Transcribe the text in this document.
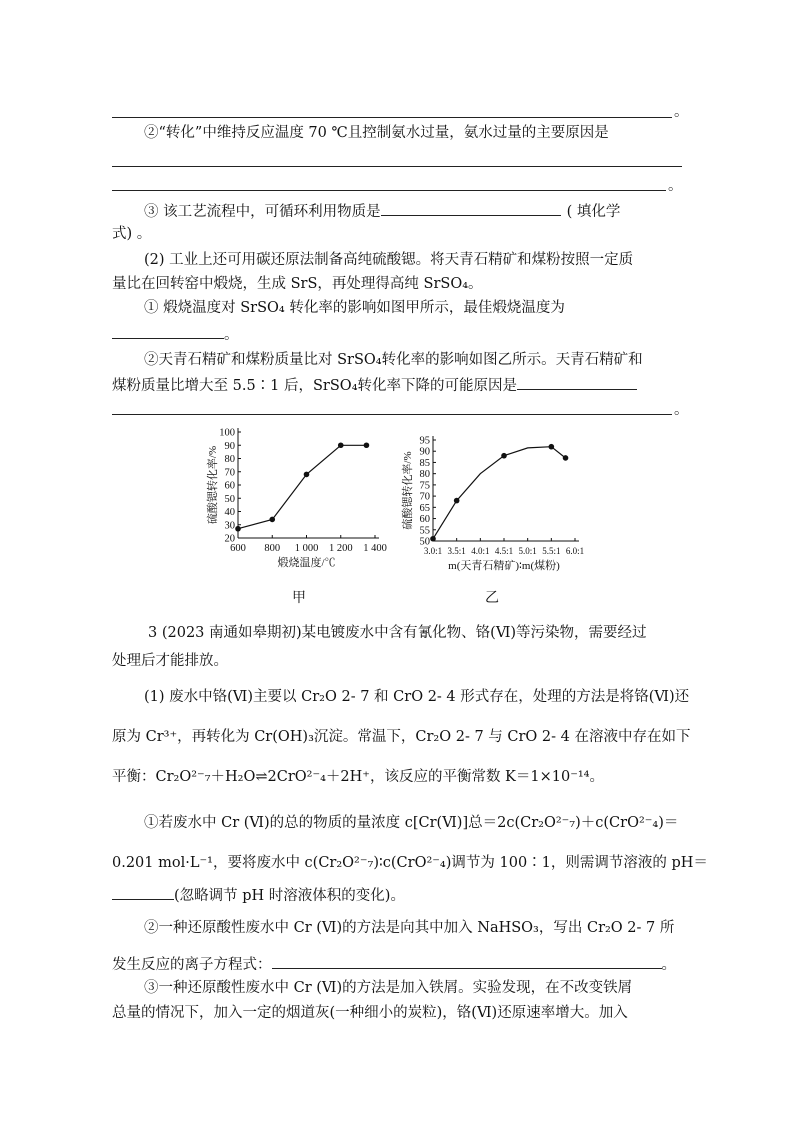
。
②“转化”中维持反应温度 70 ℃且控制氨水过量，氨水过量的主要原因是
。
③ 该工艺流程中，可循环利用物质是	( 填化学
式) 。
(2) 工业上还可用碳还原法制备高纯硫酸锶。将天青石精矿和煤粉按照一定质
量比在回转窑中煅烧，生成 SrS，再处理得高纯 SrSO₄。
① 煅烧温度对 SrSO₄ 转化率的影响如图甲所示，最佳煅烧温度为
。
②天青石精矿和煤粉质量比对 SrSO₄转化率的影响如图乙所示。天青石精矿和
煤粉质量比增大至 5.5∶1 后，SrSO₄转化率下降的可能原因是
。
20
30
40
50
60
70
80
90
100
600 800 1 000 1 200 1 400
煅烧温度/℃
硫酸锶转化率/%
50
55
60
65
70
75
80
85
90
95
3.0:1 3.5:1 4.0:1 4.5:1 5.0:1 5.5:1 6.0:1
m(天青石精矿)∶m(煤粉)
硫酸锶转化率/%
甲	乙
3 (2023 南通如皋期初)某电镀废水中含有氰化物、铬(Ⅵ)等污染物，需要经过
处理后才能排放。
(1) 废水中铬(Ⅵ)主要以 Cr₂O 2- 7 和 CrO 2- 4 形式存在，处理的方法是将铬(Ⅵ)还
原为 Cr³⁺，再转化为 Cr(OH)₃沉淀。常温下，Cr₂O 2- 7 与 CrO 2- 4 在溶液中存在如下
平衡：Cr₂O²⁻₇＋H₂O⇌2CrO²⁻₄＋2H⁺，该反应的平衡常数 K＝1×10⁻¹⁴。
①若废水中 Cr (Ⅵ)的总的物质的量浓度 c[Cr(Ⅵ)]总＝2c(Cr₂O²⁻₇)＋c(CrO²⁻₄)＝
0.201 mol·L⁻¹，要将废水中 c(Cr₂O²⁻₇)∶c(CrO²⁻₄)调节为 100∶1，则需调节溶液的 pH＝
(忽略调节 pH 时溶液体积的变化)。
②一种还原酸性废水中 Cr (Ⅵ)的方法是向其中加入 NaHSO₃，写出 Cr₂O 2- 7 所
发生反应的离子方程式：	。
③一种还原酸性废水中 Cr (Ⅵ)的方法是加入铁屑。实验发现，在不改变铁屑
总量的情况下，加入一定的烟道灰(一种细小的炭粒)，铬(Ⅵ)还原速率增大。加入
